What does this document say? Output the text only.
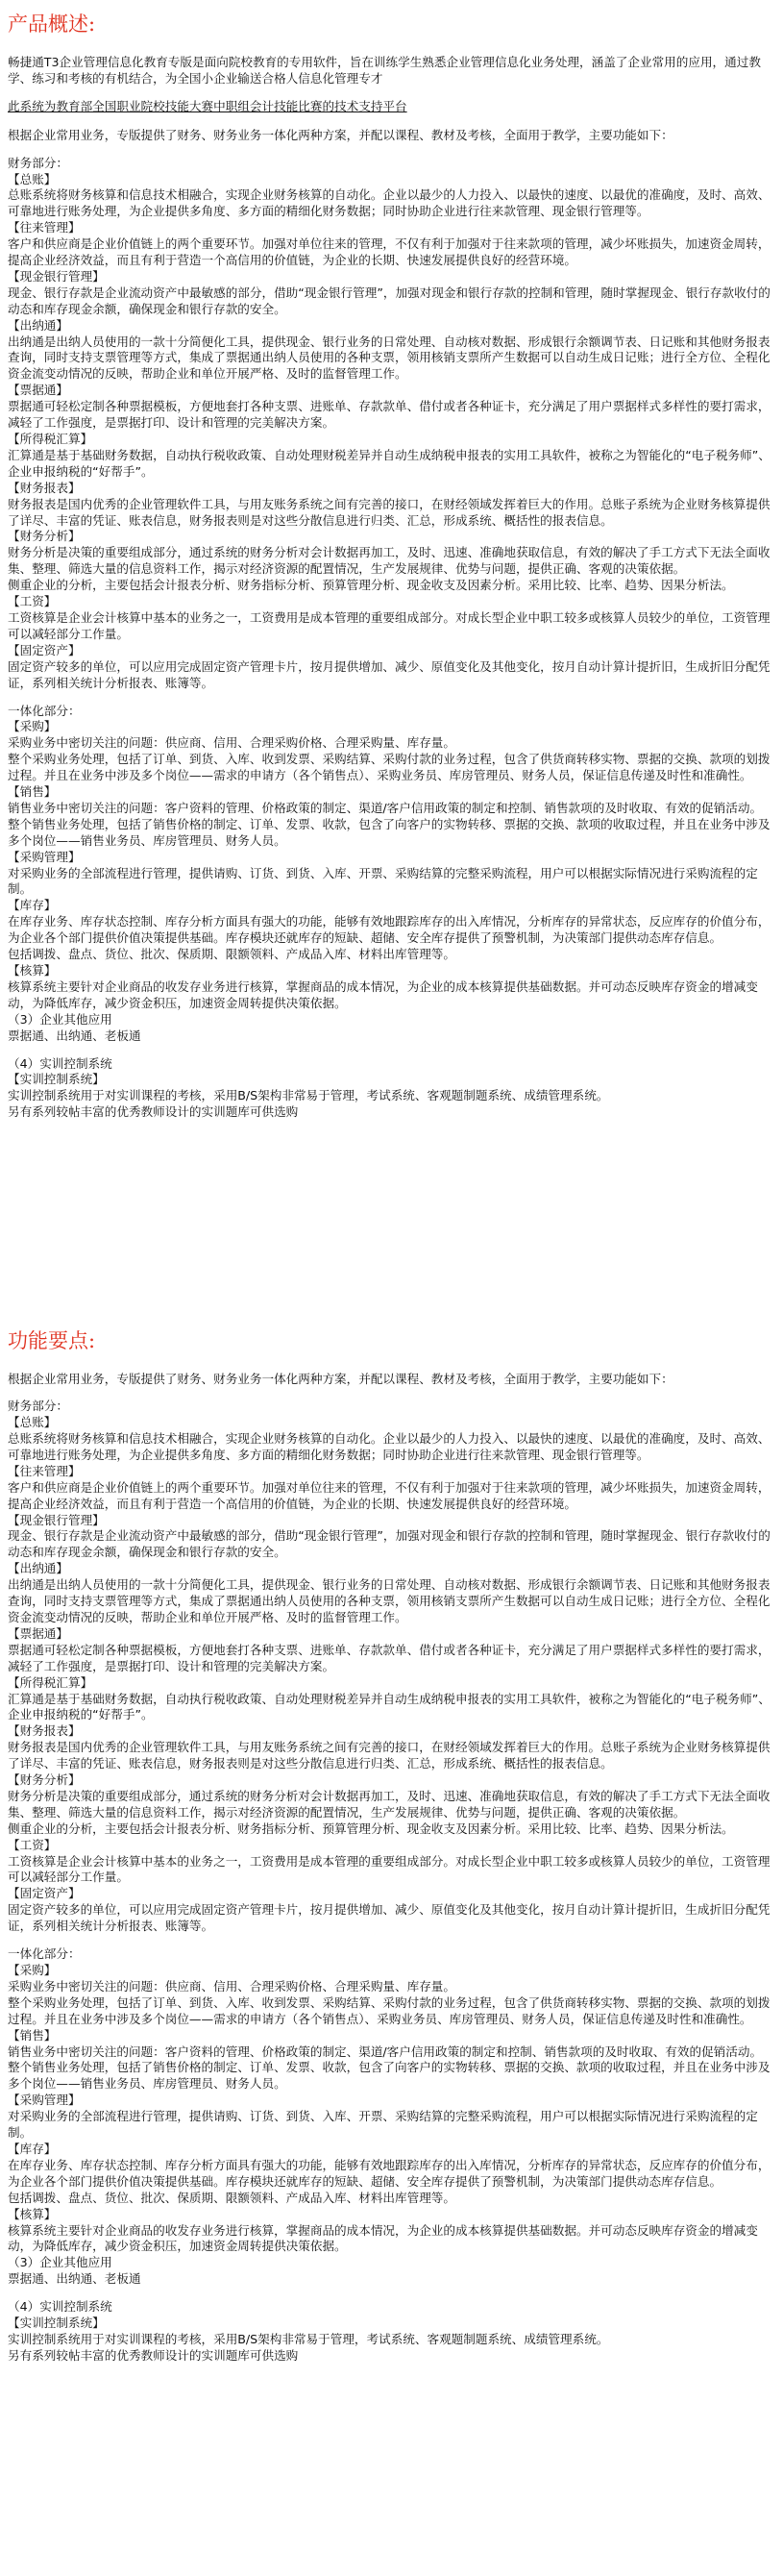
产品概述:

畅捷通T3企业管理信息化教育专版是面向院校教育的专用软件，旨在训练学生熟悉企业管理信息化业务处理，涵盖了企业常用的应用，通过教学、练习和考核的有机结合，为全国小企业输送合格人信息化管理专才

此系统为教育部全国职业院校技能大赛中职组会计技能比赛的技术支持平台

根据企业常用业务，专版提供了财务、财务业务一体化两种方案，并配以课程、教材及考核，全面用于教学，主要功能如下：

财务部分：
【总账】
总账系统将财务核算和信息技术相融合，实现企业财务核算的自动化。企业以最少的人力投入、以最快的速度、以最优的准确度，及时、高效、可靠地进行账务处理，为企业提供多角度、多方面的精细化财务数据；同时协助企业进行往来款管理、现金银行管理等。
【往来管理】
客户和供应商是企业价值链上的两个重要环节。加强对单位往来的管理，不仅有利于加强对于往来款项的管理，减少坏账损失，加速资金周转，提高企业经济效益，而且有利于营造一个高信用的价值链，为企业的长期、快速发展提供良好的经营环境。
【现金银行管理】
现金、银行存款是企业流动资产中最敏感的部分，借助“现金银行管理”，加强对现金和银行存款的控制和管理，随时掌握现金、银行存款收付的动态和库存现金余额，确保现金和银行存款的安全。
【出纳通】
出纳通是出纳人员使用的一款十分简便化工具，提供现金、银行业务的日常处理、自动核对数据、形成银行余额调节表、日记账和其他财务报表查询，同时支持支票管理等方式，集成了票据通出纳人员使用的各种支票，领用核销支票所产生数据可以自动生成日记账；进行全方位、全程化资金流变动情况的反映，帮助企业和单位开展严格、及时的监督管理工作。
【票据通】
票据通可轻松定制各种票据模板，方便地套打各种支票、进账单、存款款单、借付或者各种证卡，充分满足了用户票据样式多样性的要打需求，减轻了工作强度，是票据打印、设计和管理的完美解决方案。
【所得税汇算】
汇算通是基于基础财务数据，自动执行税收政策、自动处理财税差异并自动生成纳税申报表的实用工具软件，被称之为智能化的“电子税务师”、企业申报纳税的“好帮手”。
【财务报表】
财务报表是国内优秀的企业管理软件工具，与用友账务系统之间有完善的接口，在财经领域发挥着巨大的作用。总账子系统为企业财务核算提供了详尽、丰富的凭证、账表信息，财务报表则是对这些分散信息进行归类、汇总，形成系统、概括性的报表信息。
【财务分析】
财务分析是决策的重要组成部分，通过系统的财务分析对会计数据再加工，及时、迅速、准确地获取信息，有效的解决了手工方式下无法全面收集、整理、筛选大量的信息资料工作，揭示对经济资源的配置情况，生产发展规律、优势与问题，提供正确、客观的决策依据。
侧重企业的分析，主要包括会计报表分析、财务指标分析、预算管理分析、现金收支及因素分析。采用比较、比率、趋势、因果分析法。
【工资】
工资核算是企业会计核算中基本的业务之一，工资费用是成本管理的重要组成部分。对成长型企业中职工较多或核算人员较少的单位，工资管理可以减轻部分工作量。
【固定资产】
固定资产较多的单位，可以应用完成固定资产管理卡片，按月提供增加、减少、原值变化及其他变化，按月自动计算计提折旧，生成折旧分配凭证，系列相关统计分析报表、账簿等。
一体化部分：
【采购】
采购业务中密切关注的问题：供应商、信用、合理采购价格、合理采购量、库存量。
整个采购业务处理，包括了订单、到货、入库、收到发票、采购结算、采购付款的业务过程，包含了供货商转移实物、票据的交换、款项的划拨过程。并且在业务中涉及多个岗位——需求的申请方（各个销售点）、采购业务员、库房管理员、财务人员，保证信息传递及时性和准确性。
【销售】
销售业务中密切关注的问题：客户资料的管理、价格政策的制定、渠道/客户信用政策的制定和控制、销售款项的及时收取、有效的促销活动。
整个销售业务处理，包括了销售价格的制定、订单、发票、收款，包含了向客户的实物转移、票据的交换、款项的收取过程，并且在业务中涉及多个岗位——销售业务员、库房管理员、财务人员。
【采购管理】
对采购业务的全部流程进行管理，提供请购、订货、到货、入库、开票、采购结算的完整采购流程，用户可以根据实际情况进行采购流程的定制。
【库存】
在库存业务、库存状态控制、库存分析方面具有强大的功能，能够有效地跟踪库存的出入库情况，分析库存的异常状态，反应库存的价值分布，为企业各个部门提供价值决策提供基础。库存模块还就库存的短缺、超储、安全库存提供了预警机制，为决策部门提供动态库存信息。
包括调拨、盘点、货位、批次、保质期、限额领料、产成品入库、材料出库管理等。
【核算】
核算系统主要针对企业商品的收发存业务进行核算，掌握商品的成本情况，为企业的成本核算提供基础数据。并可动态反映库存资金的增减变动，为降低库存，减少资金积压，加速资金周转提供决策依据。
（3）企业其他应用
票据通、出纳通、老板通
（4）实训控制系统
【实训控制系统】
实训控制系统用于对实训课程的考核，采用B/S架构非常易于管理，考试系统、客观题制题系统、成绩管理系统。
另有系列较帖丰富的优秀教师设计的实训题库可供选购
功能要点:

根据企业常用业务，专版提供了财务、财务业务一体化两种方案，并配以课程、教材及考核，全面用于教学，主要功能如下：

财务部分：
【总账】
总账系统将财务核算和信息技术相融合，实现企业财务核算的自动化。企业以最少的人力投入、以最快的速度、以最优的准确度，及时、高效、可靠地进行账务处理，为企业提供多角度、多方面的精细化财务数据；同时协助企业进行往来款管理、现金银行管理等。
【往来管理】
客户和供应商是企业价值链上的两个重要环节。加强对单位往来的管理，不仅有利于加强对于往来款项的管理，减少坏账损失，加速资金周转，提高企业经济效益，而且有利于营造一个高信用的价值链，为企业的长期、快速发展提供良好的经营环境。
【现金银行管理】
现金、银行存款是企业流动资产中最敏感的部分，借助“现金银行管理”，加强对现金和银行存款的控制和管理，随时掌握现金、银行存款收付的动态和库存现金余额，确保现金和银行存款的安全。
【出纳通】
出纳通是出纳人员使用的一款十分简便化工具，提供现金、银行业务的日常处理、自动核对数据、形成银行余额调节表、日记账和其他财务报表查询，同时支持支票管理等方式，集成了票据通出纳人员使用的各种支票，领用核销支票所产生数据可以自动生成日记账；进行全方位、全程化资金流变动情况的反映，帮助企业和单位开展严格、及时的监督管理工作。
【票据通】
票据通可轻松定制各种票据模板，方便地套打各种支票、进账单、存款款单、借付或者各种证卡，充分满足了用户票据样式多样性的要打需求，减轻了工作强度，是票据打印、设计和管理的完美解决方案。
【所得税汇算】
汇算通是基于基础财务数据，自动执行税收政策、自动处理财税差异并自动生成纳税申报表的实用工具软件，被称之为智能化的“电子税务师”、企业申报纳税的“好帮手”。
【财务报表】
财务报表是国内优秀的企业管理软件工具，与用友账务系统之间有完善的接口，在财经领域发挥着巨大的作用。总账子系统为企业财务核算提供了详尽、丰富的凭证、账表信息，财务报表则是对这些分散信息进行归类、汇总，形成系统、概括性的报表信息。
【财务分析】
财务分析是决策的重要组成部分，通过系统的财务分析对会计数据再加工，及时、迅速、准确地获取信息，有效的解决了手工方式下无法全面收集、整理、筛选大量的信息资料工作，揭示对经济资源的配置情况，生产发展规律、优势与问题，提供正确、客观的决策依据。
侧重企业的分析，主要包括会计报表分析、财务指标分析、预算管理分析、现金收支及因素分析。采用比较、比率、趋势、因果分析法。
【工资】
工资核算是企业会计核算中基本的业务之一，工资费用是成本管理的重要组成部分。对成长型企业中职工较多或核算人员较少的单位，工资管理可以减轻部分工作量。
【固定资产】
固定资产较多的单位，可以应用完成固定资产管理卡片，按月提供增加、减少、原值变化及其他变化，按月自动计算计提折旧，生成折旧分配凭证，系列相关统计分析报表、账簿等。
一体化部分：
【采购】
采购业务中密切关注的问题：供应商、信用、合理采购价格、合理采购量、库存量。
整个采购业务处理，包括了订单、到货、入库、收到发票、采购结算、采购付款的业务过程，包含了供货商转移实物、票据的交换、款项的划拨过程。并且在业务中涉及多个岗位——需求的申请方（各个销售点）、采购业务员、库房管理员、财务人员，保证信息传递及时性和准确性。
【销售】
销售业务中密切关注的问题：客户资料的管理、价格政策的制定、渠道/客户信用政策的制定和控制、销售款项的及时收取、有效的促销活动。
整个销售业务处理，包括了销售价格的制定、订单、发票、收款，包含了向客户的实物转移、票据的交换、款项的收取过程，并且在业务中涉及多个岗位——销售业务员、库房管理员、财务人员。
【采购管理】
对采购业务的全部流程进行管理，提供请购、订货、到货、入库、开票、采购结算的完整采购流程，用户可以根据实际情况进行采购流程的定制。
【库存】
在库存业务、库存状态控制、库存分析方面具有强大的功能，能够有效地跟踪库存的出入库情况，分析库存的异常状态，反应库存的价值分布，为企业各个部门提供价值决策提供基础。库存模块还就库存的短缺、超储、安全库存提供了预警机制，为决策部门提供动态库存信息。
包括调拨、盘点、货位、批次、保质期、限额领料、产成品入库、材料出库管理等。
【核算】
核算系统主要针对企业商品的收发存业务进行核算，掌握商品的成本情况，为企业的成本核算提供基础数据。并可动态反映库存资金的增减变动，为降低库存，减少资金积压，加速资金周转提供决策依据。
（3）企业其他应用
票据通、出纳通、老板通
（4）实训控制系统
【实训控制系统】
实训控制系统用于对实训课程的考核，采用B/S架构非常易于管理，考试系统、客观题制题系统、成绩管理系统。
另有系列较帖丰富的优秀教师设计的实训题库可供选购
